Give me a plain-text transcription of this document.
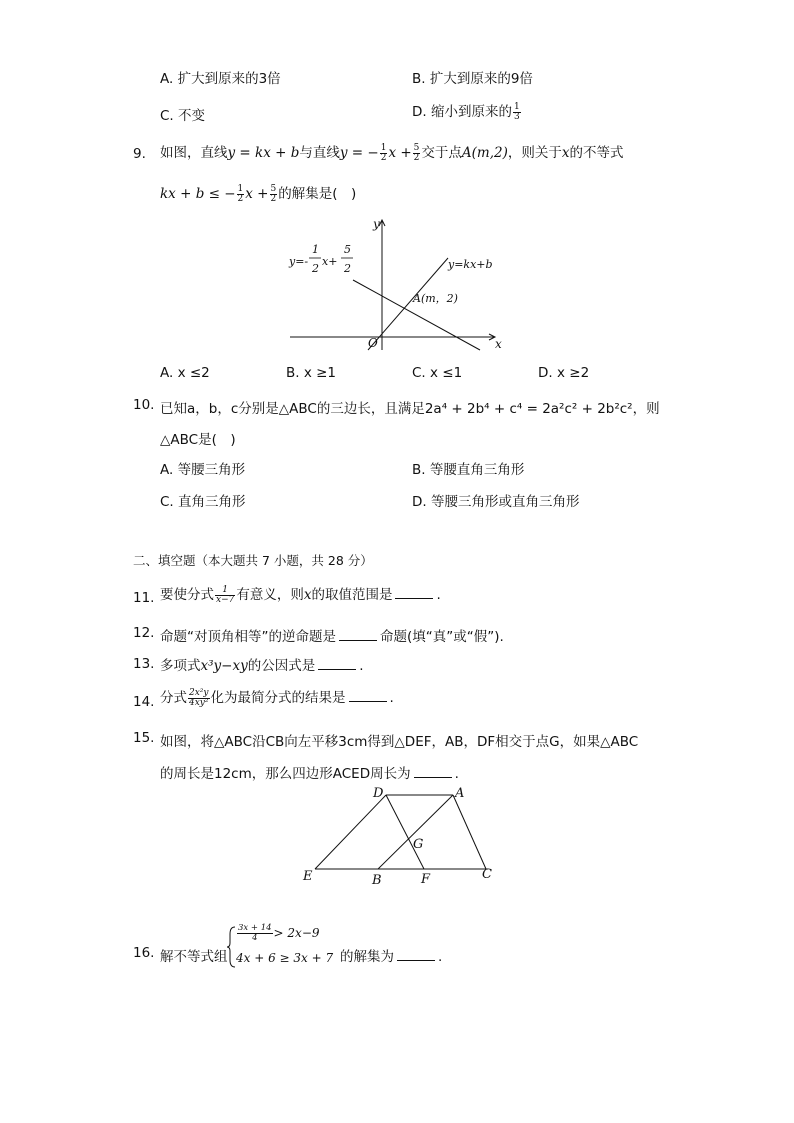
A. 扩大到原来的3倍	B. 扩大到原来的9倍
C. 不变	D. 缩小到原来的 $\frac{1}{3}$
9. 如图，直线y = kx + b与直线y = − $\frac{1}{2}$ $x + \frac{5}{2}$ 交于点A(m,2)，则关于x的不等式
kx + b ≤ − $\frac{1}{2}$ $x + \frac{5}{2}$ 的解集是(　)
y
x
O
y=kx+b
A(m，2)
y=-
1
2
x+
5
2
A. x ≤2	B. x ≥1	C. x ≤1	D. x ≥2
10. 已知a，b，c分别是△ABC的三边长，且满足2a⁴ + 2b⁴ + c⁴ = 2a²c² + 2b²c²，则
△ABC是(　)
A. 等腰三角形	B. 等腰直角三角形
C. 直角三角形	D. 等腰三角形或直角三角形
二、填空题（本大题共 7 小题，共 28 分）
11. 要使分式 $\frac{1}{x-7}$ 有意义，则x的取值范围是	.
12. 命题“对顶角相等”的逆命题是	命题(填“真”或“假”).
13. 多项式x³y−xy的公因式是	.
14. 分式 $\frac{\text{2x²y}}{\text{4xy²}}$ 化为最简分式的结果是	.
15. 如图，将△ABC沿CB向左平移3cm得到△DEF，AB，DF相交于点G，如果△ABC
的周长是12cm，那么四边形ACED周长为	.
D	A
G
E	B	F	C
16. 解不等式组
$\frac{3x + 14}{4} > 2x-9$
4x + 6 ≥ 3x + 7 的解集为	.
